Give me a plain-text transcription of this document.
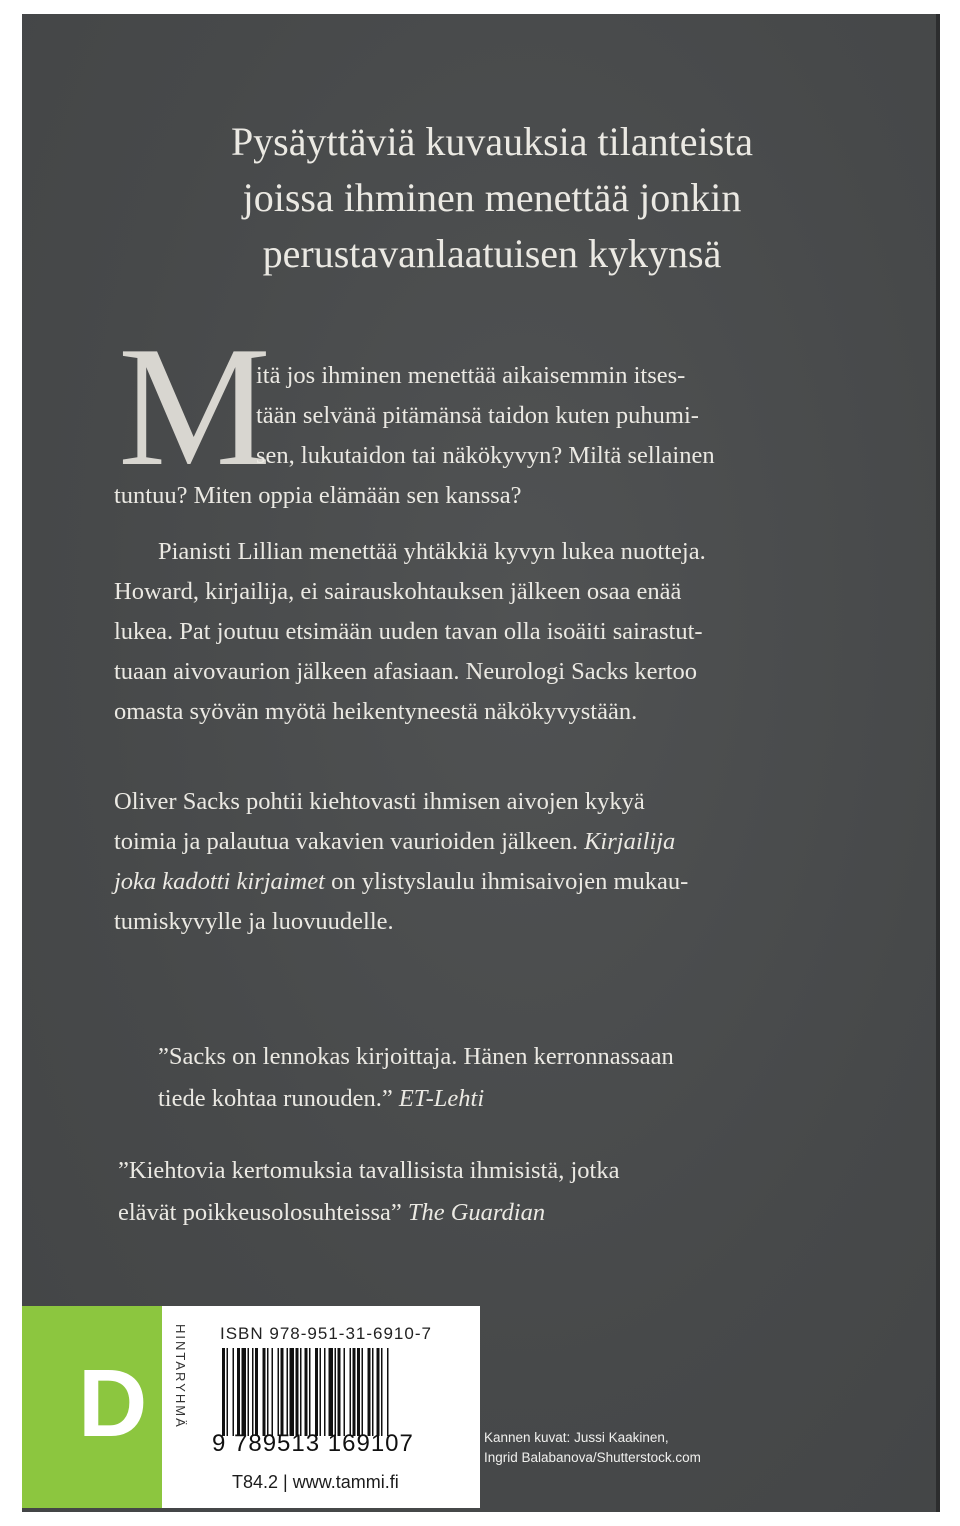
Pysäyttäviä kuvauksia tilanteista
joissa ihminen menettää jonkin
perustavanlaatuisen kykynsä
M
itä jos ihminen menettää aikaisemmin itses-
tään selvänä pitämänsä taidon kuten puhumi-
sen, lukutaidon tai näkökyvyn? Miltä sellainen
tuntuu? Miten oppia elämään sen kanssa?
Pianisti Lillian menettää yhtäkkiä kyvyn lukea nuotteja.
Howard, kirjailija, ei sairauskohtauksen jälkeen osaa enää
lukea. Pat joutuu etsimään uuden tavan olla isoäiti sairastut-
tuaan aivovaurion jälkeen afasiaan. Neurologi Sacks kertoo
omasta syövän myötä heikentyneestä näkökyvystään.
Oliver Sacks pohtii kiehtovasti ihmisen aivojen kykyä
toimia ja palautua vakavien vaurioiden jälkeen. Kirjailija
joka kadotti kirjaimet on ylistyslaulu ihmisaivojen mukau-
tumiskyvylle ja luovuudelle.
”Sacks on lennokas kirjoittaja. Hänen kerronnassaan
tiede kohtaa runouden.” ET-Lehti
”Kiehtovia kertomuksia tavallisista ihmisistä, jotka
elävät poikkeusolosuhteissa” The Guardian
D	HINTARYHMÄ ISBN 978-951-31-6910-7
9 789513 169107
T84.2 | www.tammi.fi
Kannen kuvat: Jussi Kaakinen,
Ingrid Balabanova/Shutterstock.com
